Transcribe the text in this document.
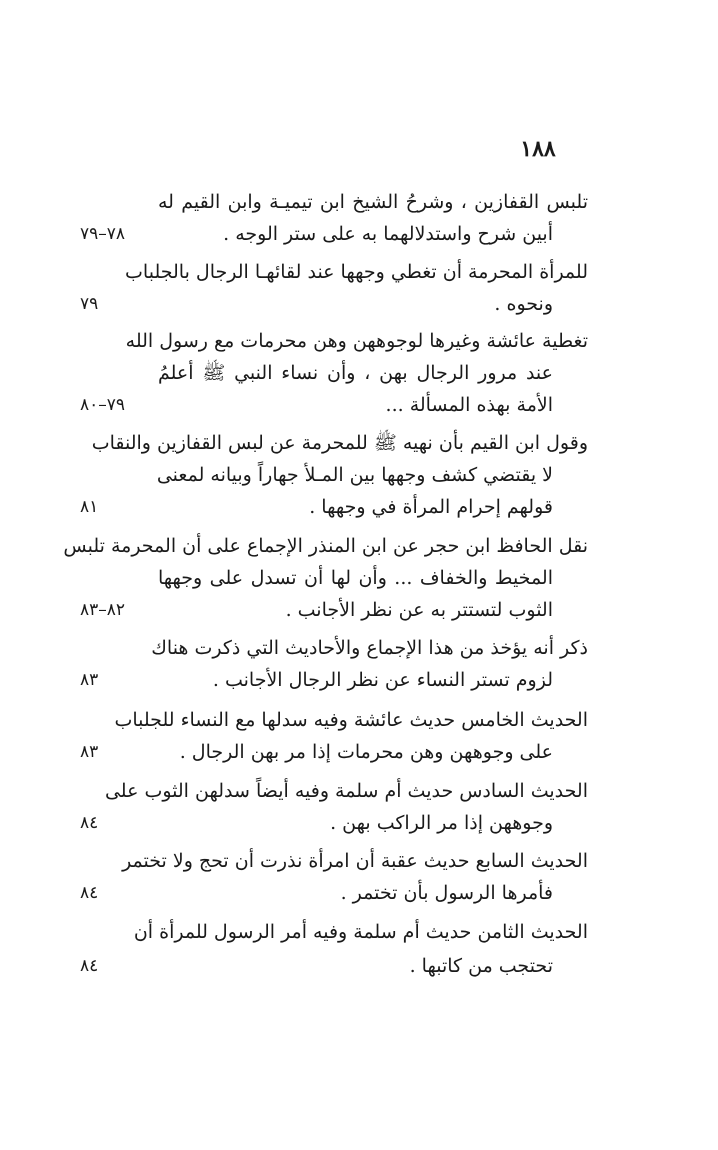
١٨٨
تلبس القفازين ، وشرحُ الشيخ ابن تيميـة وابن القيم له
أبين شرح واستدلالهما به على ستر الوجه .
٧٨–٧٩
للمرأة المحرمة أن تغطي وجهها عند لقائهـا الرجال بالجلباب
ونحوه .
٧٩
تغطية عائشة وغيرها لوجوههن وهن محرمات مع رسول الله
عند مرور الرجال بهن ، وأن نساء النبي ﷺ أعلمُ
الأمة بهذه المسألة ...
٧٩–٨٠
وقول ابن القيم بأن نهيه ﷺ للمحرمة عن لبس القفازين والنقاب
لا يقتضي كشف وجهها بين المـلأ جهاراً وبيانه لمعنى
قولهم إحرام المرأة في وجهها .
٨١
نقل الحافظ ابن حجر عن ابن المنذر الإجماع على أن المحرمة تلبس
المخيط والخفاف ... وأن لها أن تسدل على وجهها
الثوب لتستتر به عن نظر الأجانب .
٨٢–٨٣
ذكر أنه يؤخذ من هذا الإجماع والأحاديث التي ذكرت هناك
لزوم تستر النساء عن نظر الرجال الأجانب .
٨٣
الحديث الخامس حديث عائشة وفيه سدلها مع النساء للجلباب
على وجوههن وهن محرمات إذا مر بهن الرجال .
٨٣
الحديث السادس حديث أم سلمة وفيه أيضاً سدلهن الثوب على
وجوههن إذا مر الراكب بهن .
٨٤
الحديث السابع حديث عقبة أن امرأة نذرت أن تحج ولا تختمر
فأمرها الرسول بأن تختمر .
٨٤
الحديث الثامن حديث أم سلمة وفيه أمر الرسول للمرأة أن
تحتجب من كاتبها .
٨٤
